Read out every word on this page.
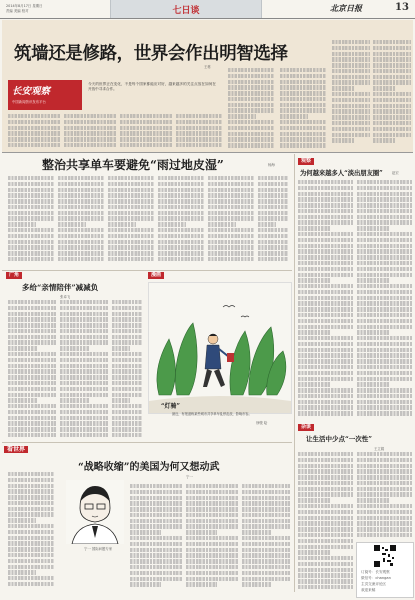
2014年8月17日 星期日
责编 美编 校对	七日谈	北京日报	13
筑墙还是修路，世界会作出明智选择
王栋
长安观察
中国新闻资讯发布平台
今天的世界正在变化，不是每个国家都能应对好，越来越多的关注点放在如何在开放中寻求合作。
整治共享单车要避免“雨过地皮湿”	杨海
观察
为何越来越多人“淡出朋友圈”	赵宏
广角
多给“亲情陪伴”减减负
张卓飞
漫画
“灯骑”
最近，有报道称某些城市共享单车乱停乱放，影响市容。
徐骏 绘
杂谈
让生活中少点“一次性”
王立娟
订阅号：长安观察
微信号：changan
主页交流评论区
欢迎来稿
看世界
“战略收缩”的美国为何又想动武
宁一
宁一 国际问题专家
